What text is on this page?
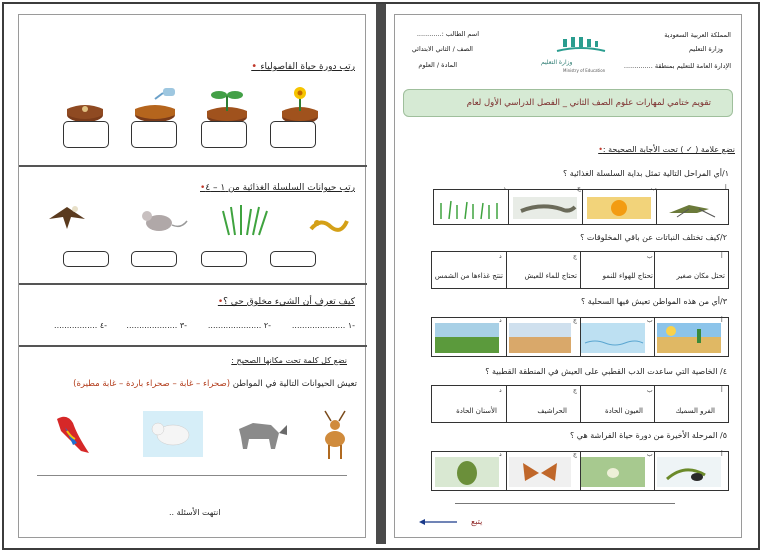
رتب دورة حياة الفاصولياء •
رتب حيوانات السلسلة الغذائية من ١ – ٤•
كيف تعرف أن الشيء مخلوق حي ؟•
-١ .....................
-٢ .....................
-٣ ....................
-٤ .................
نضع كل كلمة تحت مكانها الصحيح :
تعيش الحيوانات التالية في المواطن (صحراء – غابة – صحراء باردة – غابة مطيرة)
انتهت الأسئلة ..
المملكة العربية السعودية
وزارة التعليم
الإدارة العامة للتعليم بمنطقة ..............
وزارة التعليم
Ministry of Education
اسم الطالب :............
الصف / الثاني الابتدائي
المادة / العلوم
تقويم ختامي لمهارات علوم الصف الثاني _ الفصل الدراسي الأول لعام
نضع علامة ( ✓ ) تحت الأجابة الصحيحة :•
١/أي المراحل التالية تمثل بداية السلسلة الغذائية ؟
أ
ب
ج
د
٢/كيف تختلف النباتات عن باقي المخلوقات ؟
أ
ب
ج
د
تحتل مكان صغير
تحتاج للهواء للنمو
تحتاج للماء للعيش
تنتج غذاءها من الشمس
٣/أي من هذه المواطن تعيش فيها السحلية ؟
أ
ب
ج
د
٤/ الخاصية التي ساعدت الدب القطبي على العيش في المنطقة القطبية ؟
أ
ب
ج
د
الفرو السميك
العيون الحادة
الحراشيف
الأسنان الحادة
٥/ المرحلة الأخيرة من دورة حياة الفراشة هي ؟
أ
ب
ج
د
يتبع
